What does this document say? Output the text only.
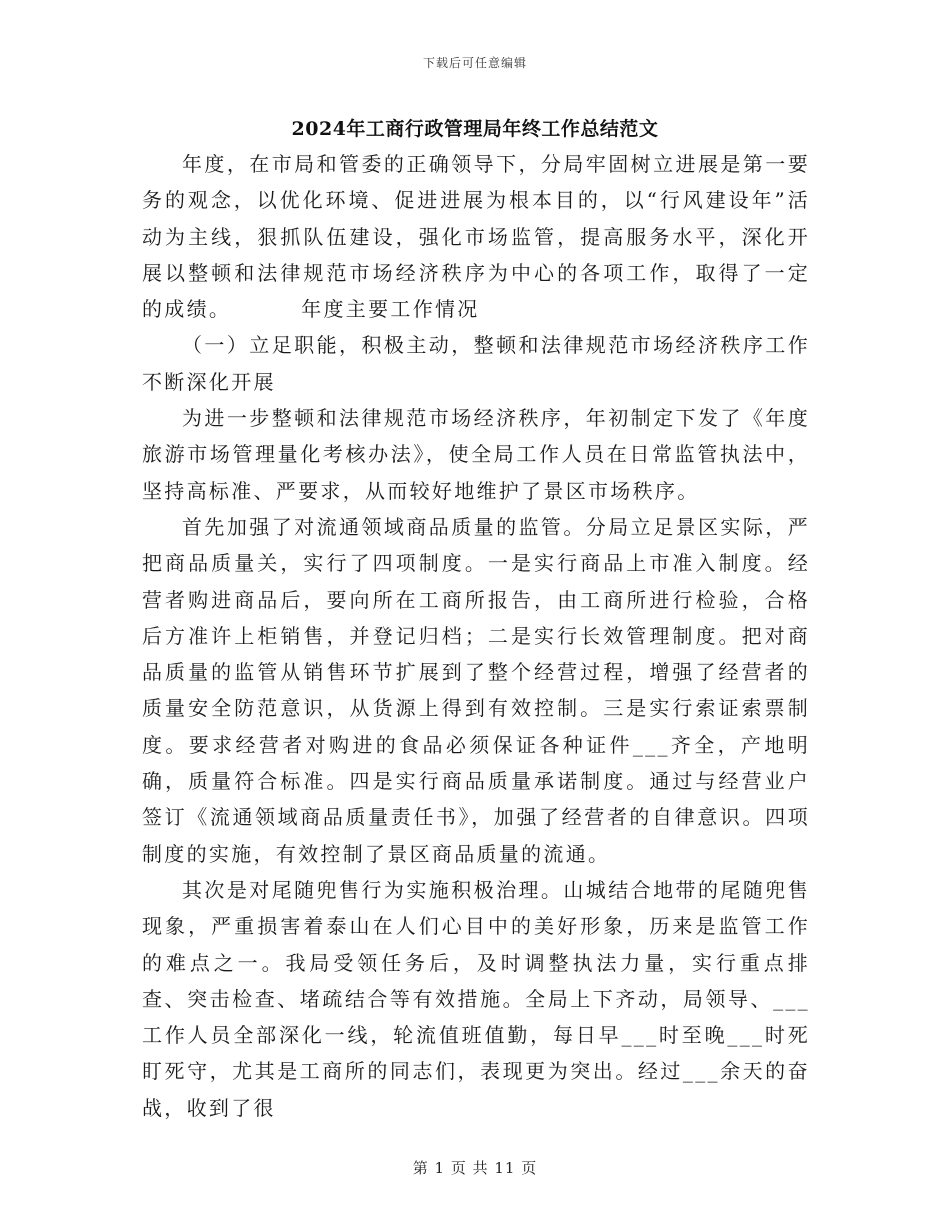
下载后可任意编辑
2024年工商行政管理局年终工作总结范文

年度，在市局和管委的正确领导下，分局牢固树立进展是第一要务的观念，以优化环境、促进进展为根本目的，以“行风建设年”活动为主线，狠抓队伍建设，强化市场监管，提高服务水平，深化开展以整顿和法律规范市场经济秩序为中心的各项工作，取得了一定的成绩。	年度主要工作情况

（一）立足职能，积极主动，整顿和法律规范市场经济秩序工作不断深化开展

为进一步整顿和法律规范市场经济秩序，年初制定下发了《年度旅游市场管理量化考核办法》，使全局工作人员在日常监管执法中，坚持高标准、严要求，从而较好地维护了景区市场秩序。

首先加强了对流通领域商品质量的监管。分局立足景区实际，严把商品质量关，实行了四项制度。一是实行商品上市准入制度。经营者购进商品后，要向所在工商所报告，由工商所进行检验，合格后方准许上柜销售，并登记归档；二是实行长效管理制度。把对商品质量的监管从销售环节扩展到了整个经营过程，增强了经营者的质量安全防范意识，从货源上得到有效控制。三是实行索证索票制度。要求经营者对购进的食品必须保证各种证件___齐全，产地明确，质量符合标准。四是实行商品质量承诺制度。通过与经营业户签订《流通领域商品质量责任书》，加强了经营者的自律意识。四项制度的实施，有效控制了景区商品质量的流通。

其次是对尾随兜售行为实施积极治理。山城结合地带的尾随兜售现象，严重损害着泰山在人们心目中的美好形象，历来是监管工作的难点之一。我局受领任务后，及时调整执法力量，实行重点排查、突击检查、堵疏结合等有效措施。全局上下齐动，局领导、___工作人员全部深化一线，轮流值班值勤，每日早___时至晚___时死盯死守，尤其是工商所的同志们，表现更为突出。经过___余天的奋战，收到了很

第 1 页 共 11 页
